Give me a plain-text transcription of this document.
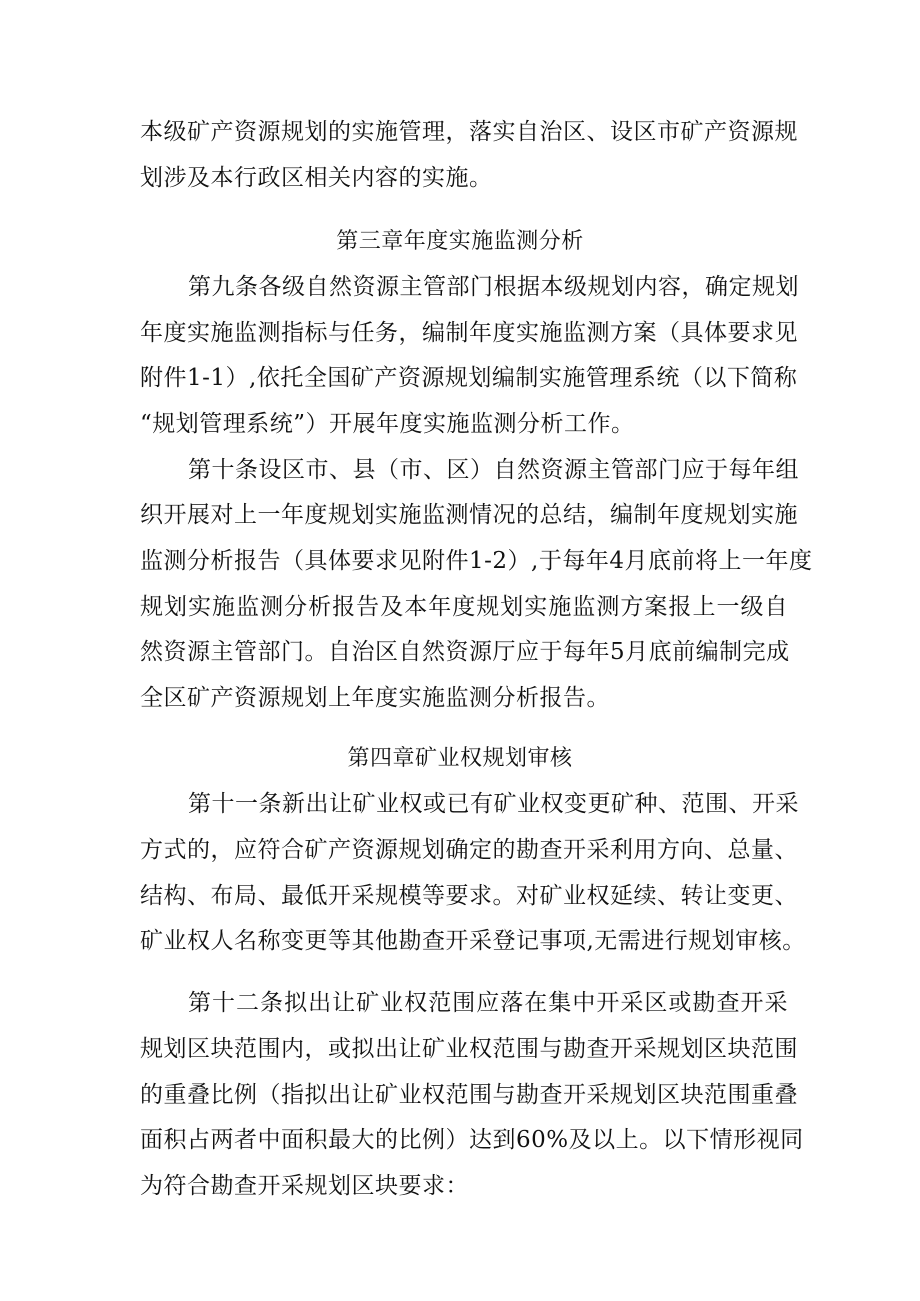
本级矿产资源规划的实施管理，落实自治区、设区市矿产资源规
划涉及本行政区相关内容的实施。
第三章年度实施监测分析
第九条各级自然资源主管部门根据本级规划内容，确定规划
年度实施监测指标与任务，编制年度实施监测方案（具体要求见
附件1-1）,依托全国矿产资源规划编制实施管理系统（以下简称
“规划管理系统”）开展年度实施监测分析工作。
第十条设区市、县（市、区）自然资源主管部门应于每年组
织开展对上一年度规划实施监测情况的总结，编制年度规划实施
监测分析报告（具体要求见附件1-2）,于每年4月底前将上一年度
规划实施监测分析报告及本年度规划实施监测方案报上一级自
然资源主管部门。自治区自然资源厅应于每年5月底前编制完成
全区矿产资源规划上年度实施监测分析报告。
第四章矿业权规划审核
第十一条新出让矿业权或已有矿业权变更矿种、范围、开采
方式的，应符合矿产资源规划确定的勘查开采利用方向、总量、
结构、布局、最低开采规模等要求。对矿业权延续、转让变更、
矿业权人名称变更等其他勘查开采登记事项,无需进行规划审核。
第十二条拟出让矿业权范围应落在集中开采区或勘查开采
规划区块范围内，或拟出让矿业权范围与勘查开采规划区块范围
的重叠比例（指拟出让矿业权范围与勘查开采规划区块范围重叠
面积占两者中面积最大的比例）达到60%及以上。以下情形视同
为符合勘查开采规划区块要求：
